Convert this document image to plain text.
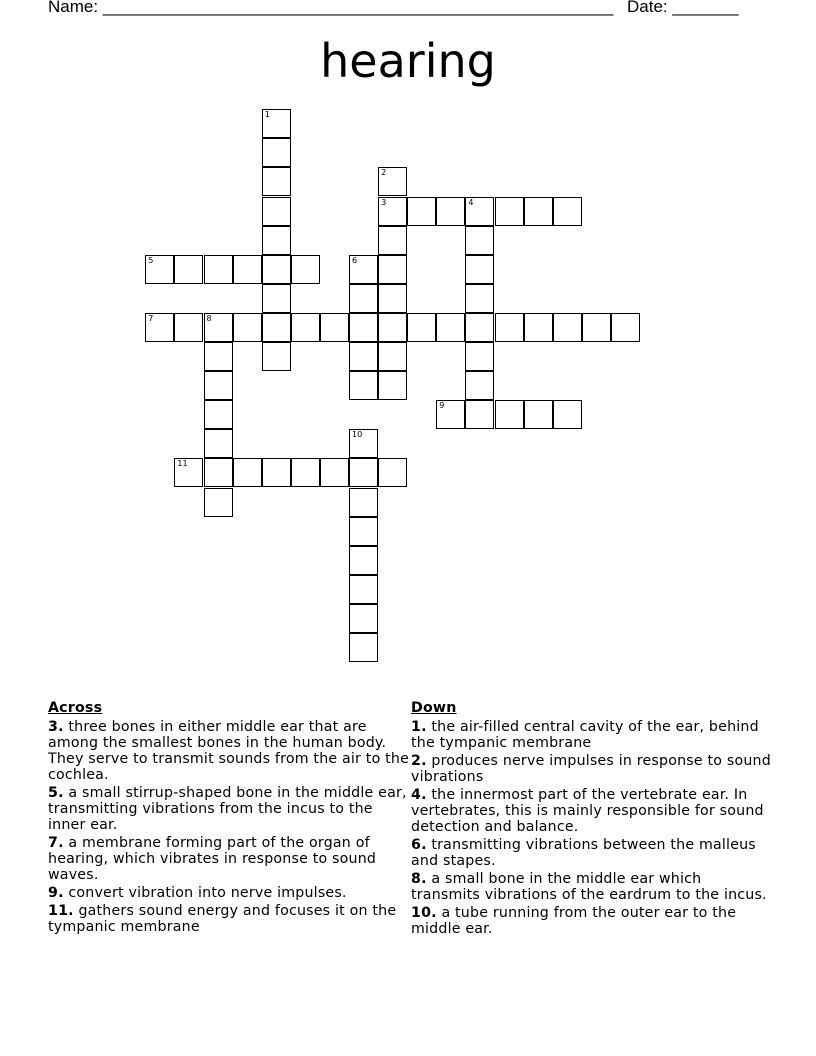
Name: ______________________________________________________ Date: _______
hearing
3	4
5
7	8
9
11
1
2
6
10
Across
3. three bones in either middle ear that are among the smallest bones in the human body. They serve to transmit sounds from the air to the cochlea.
5. a small stirrup-shaped bone in the middle ear, transmitting vibrations from the incus to the inner ear.
7. a membrane forming part of the organ of hearing, which vibrates in response to sound waves.
9. convert vibration into nerve impulses.
11. gathers sound energy and focuses it on the tympanic membrane
Down
1. the air-filled central cavity of the ear, behind the tympanic membrane
2. produces nerve impulses in response to sound vibrations
4. the innermost part of the vertebrate ear. In vertebrates, this is mainly responsible for sound detection and balance.
6. transmitting vibrations between the malleus and stapes.
8. a small bone in the middle ear which transmits vibrations of the eardrum to the incus.
10. a tube running from the outer ear to the middle ear.
